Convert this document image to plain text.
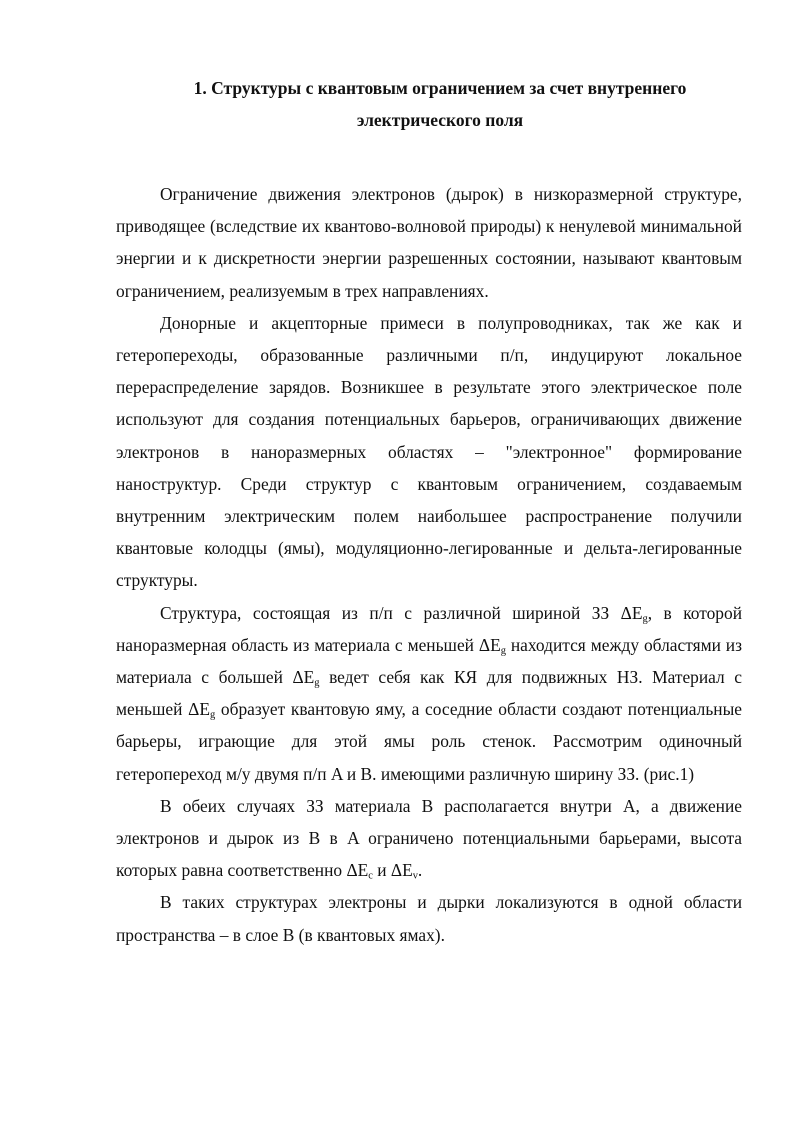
1. Структуры с квантовым ограничением за счет внутреннего
электрического поля

Ограничение движения электронов (дырок) в низкоразмерной структуре, приводящее (вследствие их квантово-волновой природы) к ненулевой минимальной энергии и к дискретности энергии разрешенных состоянии, называют квантовым ограничением, реализуемым в трех направлениях.

Донорные и акцепторные примеси в полупроводниках, так же как и гетеропереходы, образованные различными п/п, индуцируют локальное перераспределение зарядов. Возникшее в результате этого электрическое поле используют для создания потенциальных барьеров, ограничивающих движение электронов в наноразмерных областях – "электронное" формирование наноструктур. Среди структур с квантовым ограничением, создаваемым внутренним электрическим полем наибольшее распространение получили квантовые колодцы (ямы), модуляционно-легированные и дельта-легированные структуры.

Структура, состоящая из п/п с различной шириной ЗЗ $\Delta E_g$, в которой наноразмерная область из материала с меньшей $\Delta E_g$ находится между областями из материала с большей $\Delta E_g$ ведет себя как КЯ для подвижных НЗ. Материал с меньшей $\Delta E_g$ образует квантовую яму, а соседние области создают потенциальные барьеры, играющие для этой ямы роль стенок. Рассмотрим одиночный гетеропереход м/у двумя п/п A и B. имеющими различную ширину ЗЗ. (рис.1)

В обеих случаях ЗЗ материала B располагается внутри A, а движение электронов и дырок из B в A ограничено потенциальными барьерами, высота которых равна соответственно $\Delta E_c$ и $\Delta E_v$.

В таких структурах электроны и дырки локализуются в одной области пространства – в слое B (в квантовых ямах).
